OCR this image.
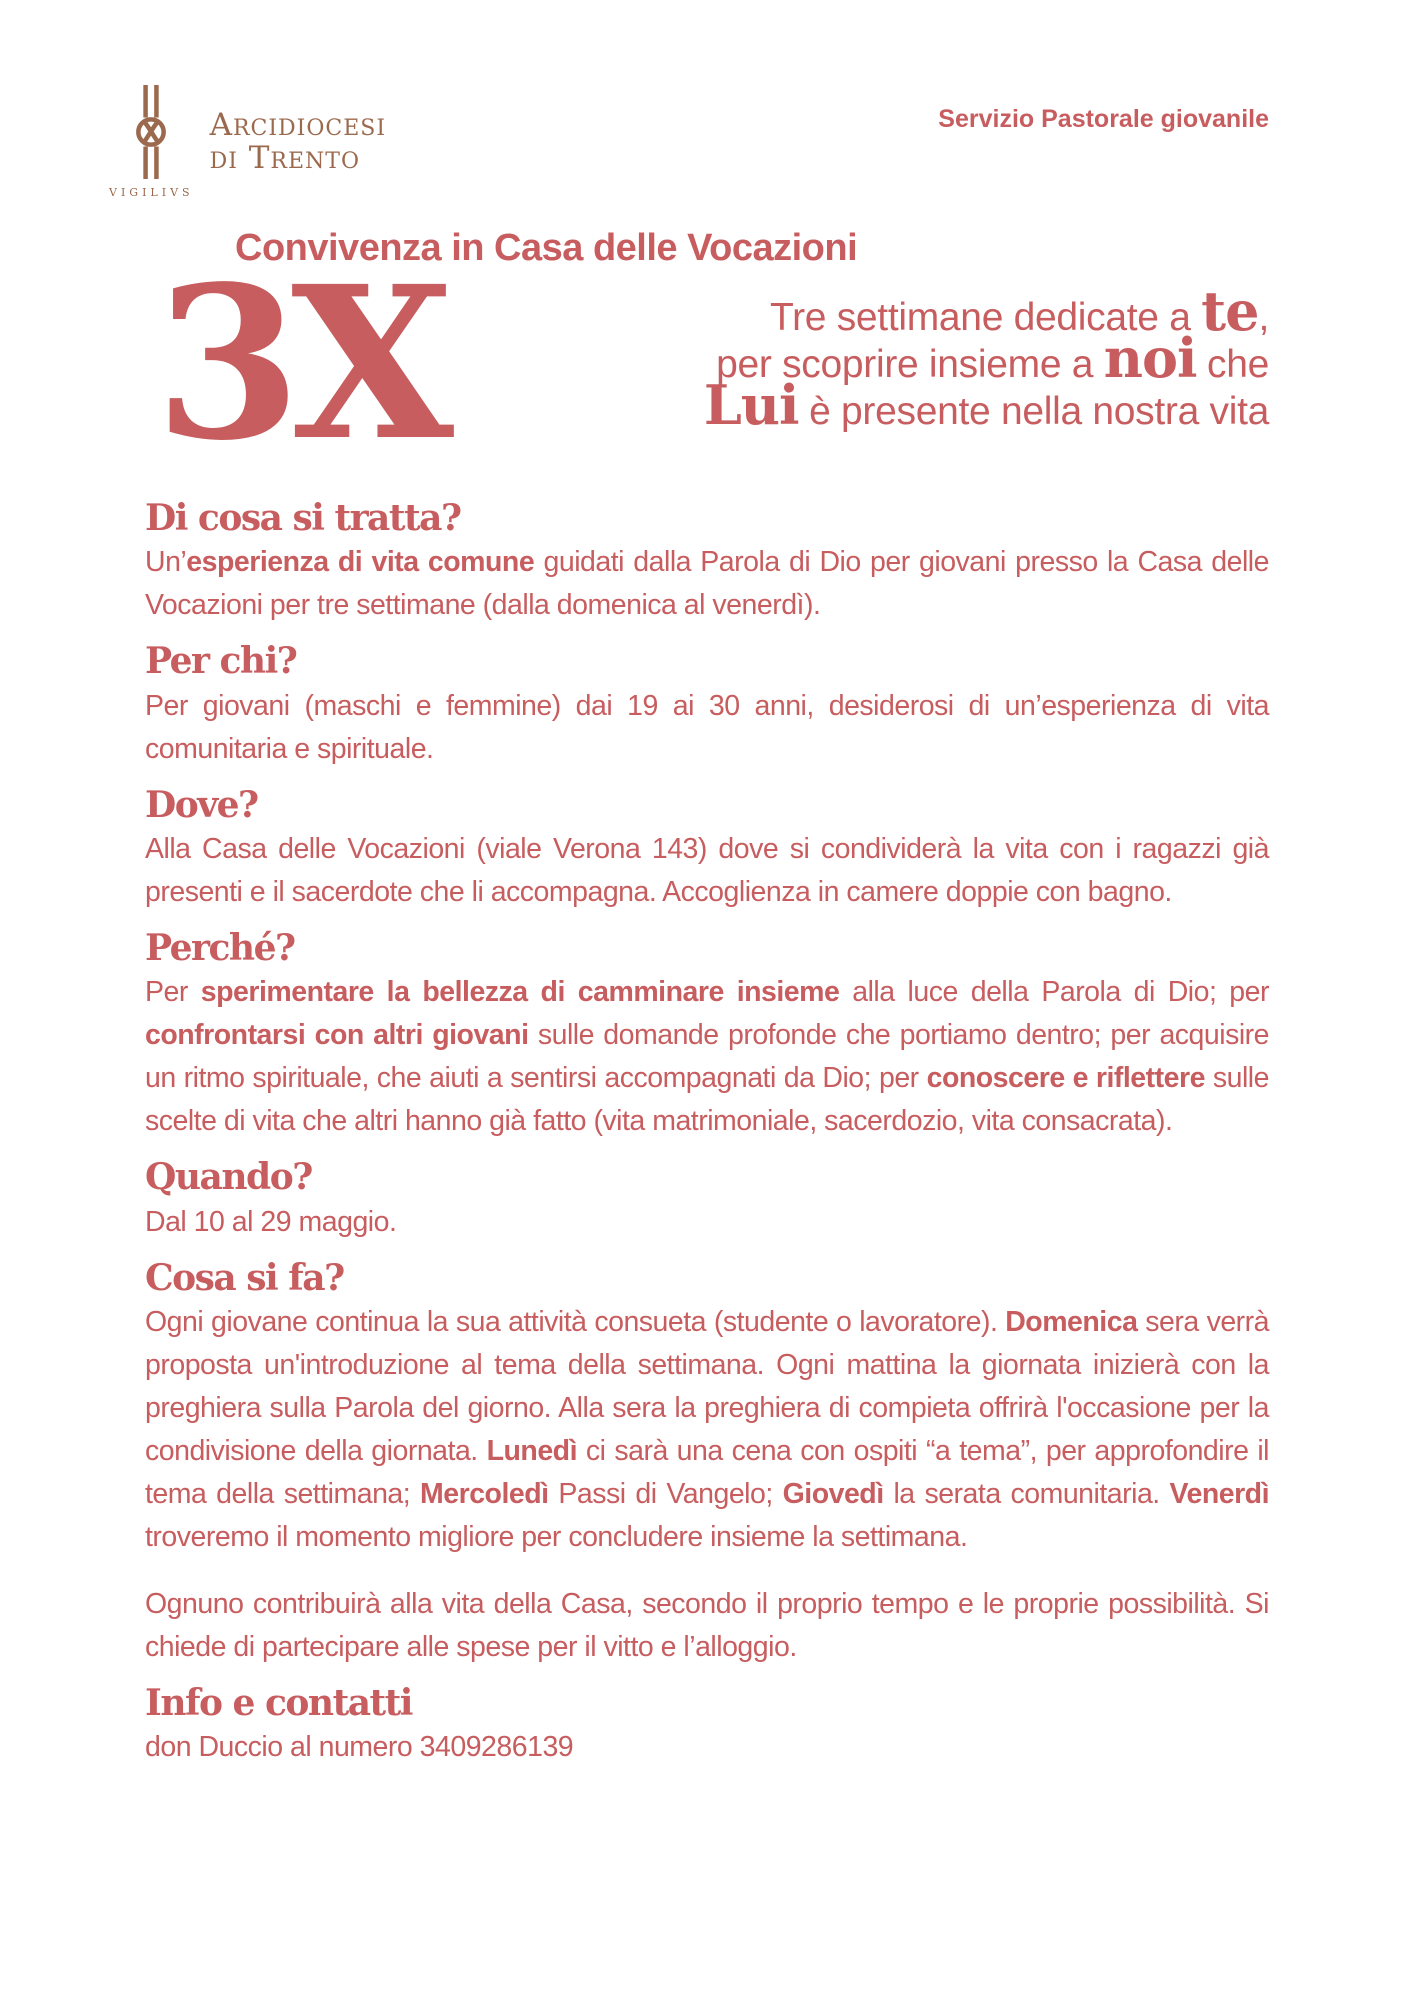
VIGILIVS
Arcidiocesi
di Trento
Servizio Pastorale giovanile
Convivenza in Casa delle Vocazioni
3X	Tre settimane dedicate a te,
per scoprire insieme a noi che
Lui è presente nella nostra vita
Di cosa si tratta?

Un’esperienza di vita comune guidati dalla Parola di Dio per giovani presso la Casa delle Vocazioni per tre settimane (dalla domenica al venerdì).

Per chi?

Per giovani (maschi e femmine) dai 19 ai 30 anni, desiderosi di un’esperienza di vita comunitaria e spirituale.

Dove?

Alla Casa delle Vocazioni (viale Verona 143) dove si condividerà la vita con i ragazzi già presenti e il sacerdote che li accompagna. Accoglienza in camere doppie con bagno.

Perché?

Per sperimentare la bellezza di camminare insieme alla luce della Parola di Dio; per confrontarsi con altri giovani sulle domande profonde che portiamo dentro; per acquisire un ritmo spirituale, che aiuti a sentirsi accompagnati da Dio; per conoscere e riflettere sulle scelte di vita che altri hanno già fatto (vita matrimoniale, sacerdozio, vita consacrata).

Quando?

Dal 10 al 29 maggio.

Cosa si fa?

Ogni giovane continua la sua attività consueta (studente o lavoratore). Domenica sera verrà proposta un'introduzione al tema della settimana. Ogni mattina la giornata inizierà con la preghiera sulla Parola del giorno. Alla sera la preghiera di compieta offrirà l'occasione per la condivisione della giornata. Lunedì ci sarà una cena con ospiti “a tema”, per approfondire il tema della settimana; Mercoledì Passi di Vangelo; Giovedì la serata comunitaria. Venerdì troveremo il momento migliore per concludere insieme la settimana.

Ognuno contribuirà alla vita della Casa, secondo il proprio tempo e le proprie possibilità. Si chiede di partecipare alle spese per il vitto e l’alloggio.

Info e contatti

don Duccio al numero 3409286139
